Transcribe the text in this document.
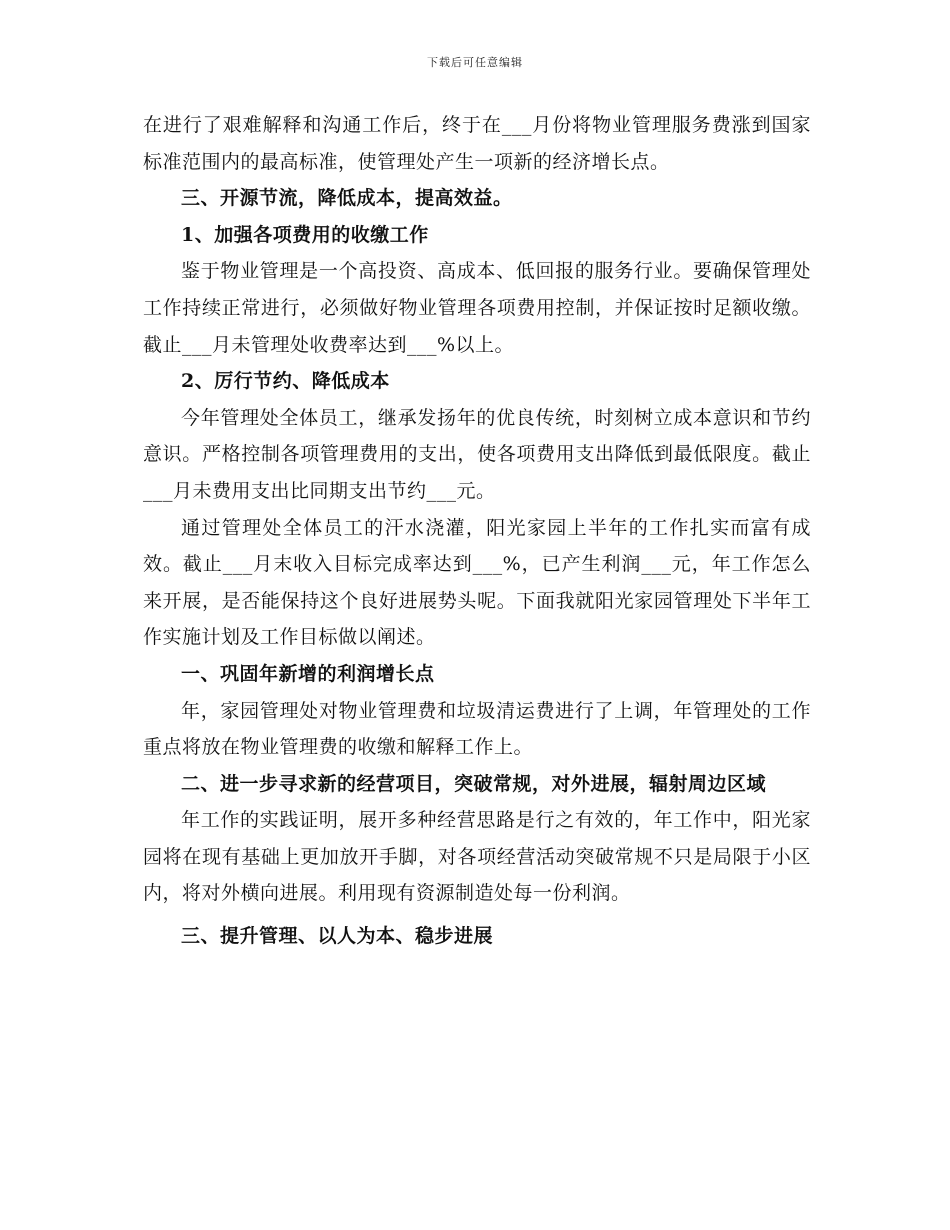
下载后可任意编辑

在进行了艰难解释和沟通工作后，终于在___月份将物业管理服务费涨到国家标准范围内的最高标准，使管理处产生一项新的经济增长点。

三、开源节流，降低成本，提高效益。

1、加强各项费用的收缴工作

鉴于物业管理是一个高投资、高成本、低回报的服务行业。要确保管理处工作持续正常进行，必须做好物业管理各项费用控制，并保证按时足额收缴。截止___月未管理处收费率达到___%以上。

2、厉行节约、降低成本

今年管理处全体员工，继承发扬年的优良传统，时刻树立成本意识和节约意识。严格控制各项管理费用的支出，使各项费用支出降低到最低限度。截止___月未费用支出比同期支出节约___元。

通过管理处全体员工的汗水浇灌，阳光家园上半年的工作扎实而富有成效。截止___月末收入目标完成率达到___%，已产生利润___元，年工作怎么来开展，是否能保持这个良好进展势头呢。下面我就阳光家园管理处下半年工作实施计划及工作目标做以阐述。

一、巩固年新增的利润增长点

年，家园管理处对物业管理费和垃圾清运费进行了上调，年管理处的工作重点将放在物业管理费的收缴和解释工作上。

二、进一步寻求新的经营项目，突破常规，对外进展，辐射周边区域

年工作的实践证明，展开多种经营思路是行之有效的，年工作中，阳光家园将在现有基础上更加放开手脚，对各项经营活动突破常规不只是局限于小区内，将对外横向进展。利用现有资源制造处每一份利润。

三、提升管理、以人为本、稳步进展
